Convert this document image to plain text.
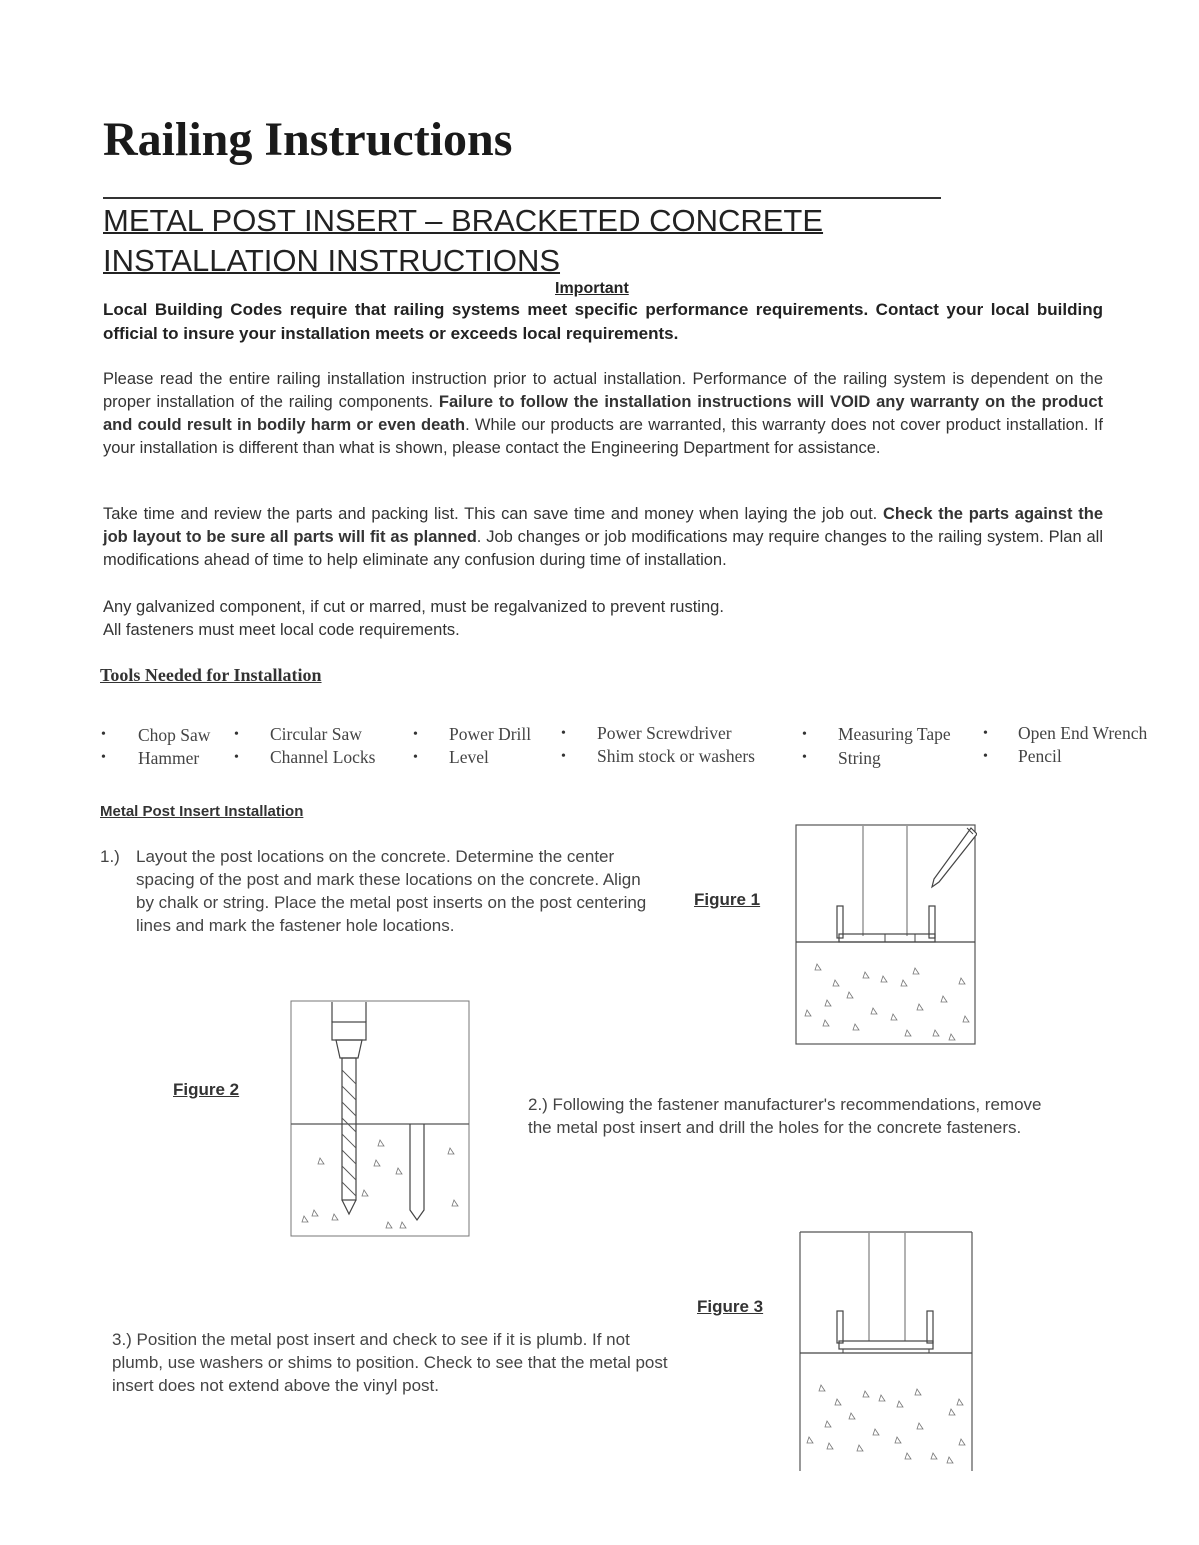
Railing Instructions
METAL POST INSERT – BRACKETED CONCRETE
INSTALLATION INSTRUCTIONS
Important
Local Building Codes require that railing systems meet specific performance requirements. Contact your local building official to insure your installation meets or exceeds local requirements.
Please read the entire railing installation instruction prior to actual installation. Performance of the railing system is dependent on the proper installation of the railing components. Failure to follow the installation instructions will VOID any warranty on the product and could result in bodily harm or even death. While our products are warranted, this warranty does not cover product installation. If your installation is different than what is shown, please contact the Engineering Department for assistance.
Take time and review the parts and packing list. This can save time and money when laying the job out. Check the parts against the job layout to be sure all parts will fit as planned. Job changes or job modifications may require changes to the railing system. Plan all modifications ahead of time to help eliminate any confusion during time of installation.
Any galvanized component, if cut or marred, must be regalvanized to prevent rusting.
All fasteners must meet local code requirements.
Tools Needed for Installation
• Chop Saw • Circular Saw	• Power Drill • Power Screwdriver	• Measuring Tape • Open End Wrench
• Hammer • Channel Locks	• Level	• Shim stock or washers	• String	• Pencil
Metal Post Insert Installation
1.) Layout the post locations on the concrete. Determine the center spacing of the post and mark these locations on the concrete. Align by chalk or string. Place the metal post inserts on the post centering lines and mark the fastener hole locations.
Figure 1
Figure 2
2.) Following the fastener manufacturer's recommendations, remove the metal post insert and drill the holes for the concrete fasteners.
Figure 3
3.) Position the metal post insert and check to see if it is plumb. If not plumb, use washers or shims to position. Check to see that the metal post insert does not extend above the vinyl post.
